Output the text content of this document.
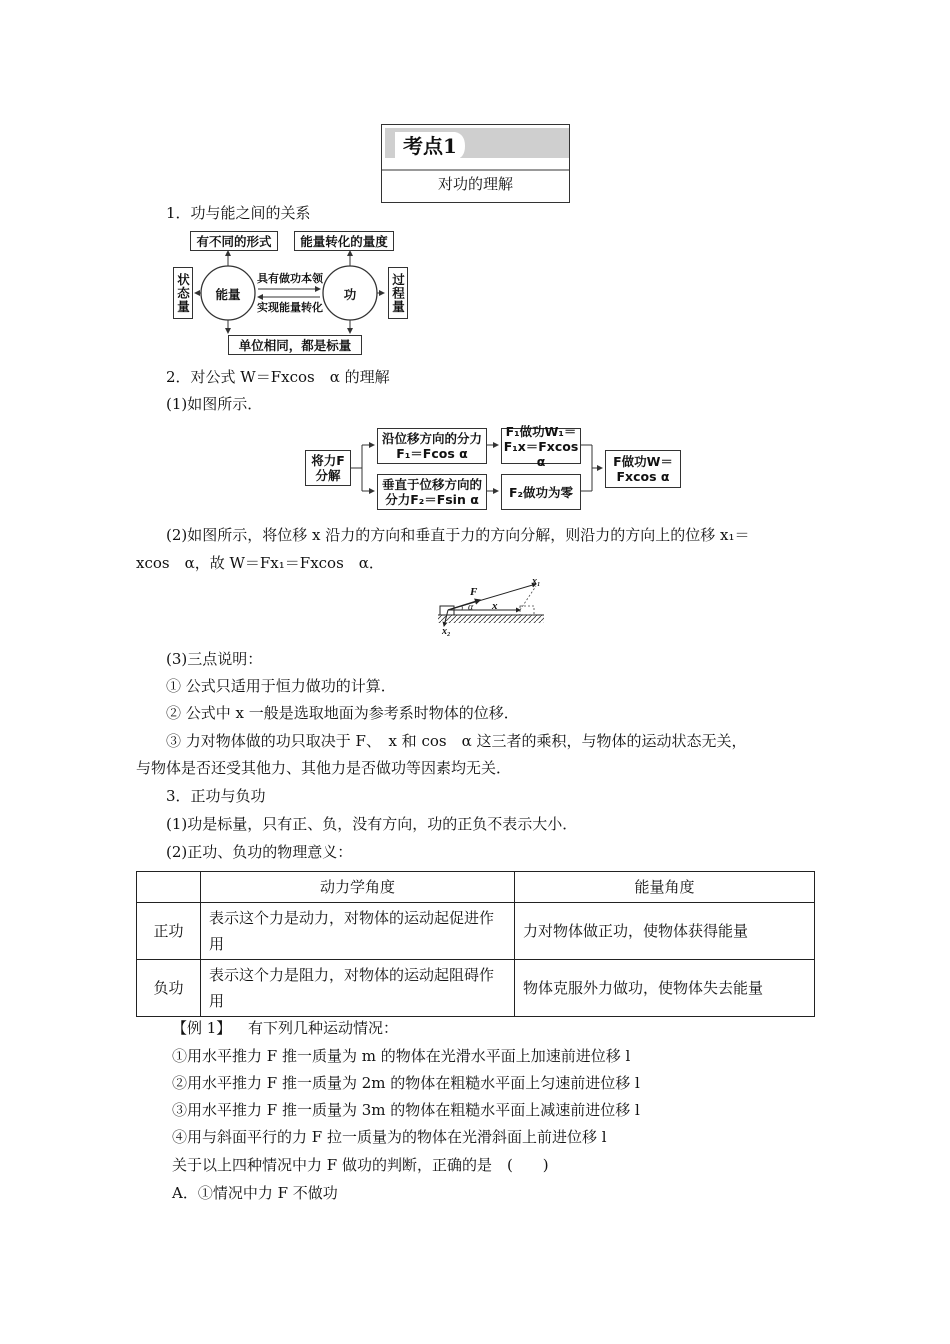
考点1
对功的理解
1．功与能之间的关系
有不同的形式	能量转化的量度
状态量	过程量
能量	功
具有做功本领
实现能量转化
单位相同，都是标量
2．对公式 W＝Fxcos　α 的理解
(1)如图所示．
将力F分解
沿位移方向的分力F₁＝Fcos α
垂直于位移方向的分力F₂＝Fsin α
F₁做功W₁＝F₁x＝Fxcos α
F₂做功为零
F做功W＝Fxcos α
(2)如图所示，将位移 x 沿力的方向和垂直于力的方向分解，则沿力的方向上的位移 x₁＝
xcos　α，故 W＝Fx₁＝Fxcos　α．
F
α x
x₁
x₂
(3)三点说明：
① 公式只适用于恒力做功的计算．
② 公式中 x 一般是选取地面为参考系时物体的位移．
③ 力对物体做的功只取决于 F、　x 和 cos　α 这三者的乘积，与物体的运动状态无关，
与物体是否还受其他力、其他力是否做功等因素均无关．
3．正功与负功
(1)功是标量，只有正、负，没有方向，功的正负不表示大小．
(2)正功、负功的物理意义：
	动力学角度	能量角度
正功	表示这个力是动力，对物体的运动起促进作用	力对物体做正功，使物体获得能量
负功	表示这个力是阻力，对物体的运动起阻碍作用	物体克服外力做功，使物体失去能量
【例 1】 有下列几种运动情况：
①用水平推力 F 推一质量为 m 的物体在光滑水平面上加速前进位移 l
②用水平推力 F 推一质量为 2m 的物体在粗糙水平面上匀速前进位移 l
③用水平推力 F 推一质量为 3m 的物体在粗糙水平面上减速前进位移 l
④用与斜面平行的力 F 拉一质量为的物体在光滑斜面上前进位移 l
关于以上四种情况中力 F 做功的判断，正确的是　(　　)
A．①情况中力 F 不做功
